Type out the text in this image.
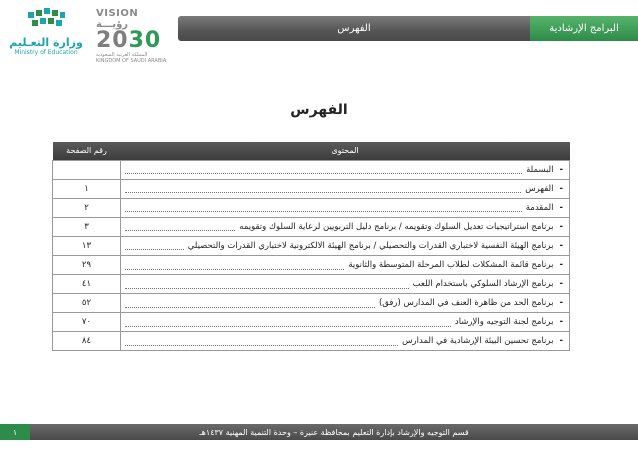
الفهرس	البرامج الإرشادية
VISION رؤيـــة
2030
المملكة العربية السعودية
KINGDOM OF SAUDI ARABIA
وزارة التعـليم
Ministry of Education
الفهرس
المحتوى	رقم الصفحة

-
البسملة	

-
الفهرس	١

-
المقدمة	٢

-
برنامج استراتيجيات تعديل السلوك وتقويمه / برنامج دليل التربويين لرعاية السلوك وتقويمه	٣

-
برنامج الهيئة النفسية لاختباري القدرات والتحصيلي / برنامج الهيئة الالكترونية لاختباري القدرات والتحصيلي	١٣

-
برنامج قائمة المشكلات لطلاب المرحلة المتوسطة والثانوية	٢٩

-
برنامج الإرشاد السلوكي باستخدام اللعب	٤١

-
برنامج الحد من ظاهرة العنف في المدارس (رفق)	٥٢

-
برنامج لجنة التوجيه والإرشاد	٧٠

-
برنامج تحسين البيئة الإرشادية في المدارس	٨٤
١	قسم التوجيه والإرشاد بإدارة التعليم بمحافظة عنيزة – وحدة التنمية المهنية ١٤٣٧هـ
